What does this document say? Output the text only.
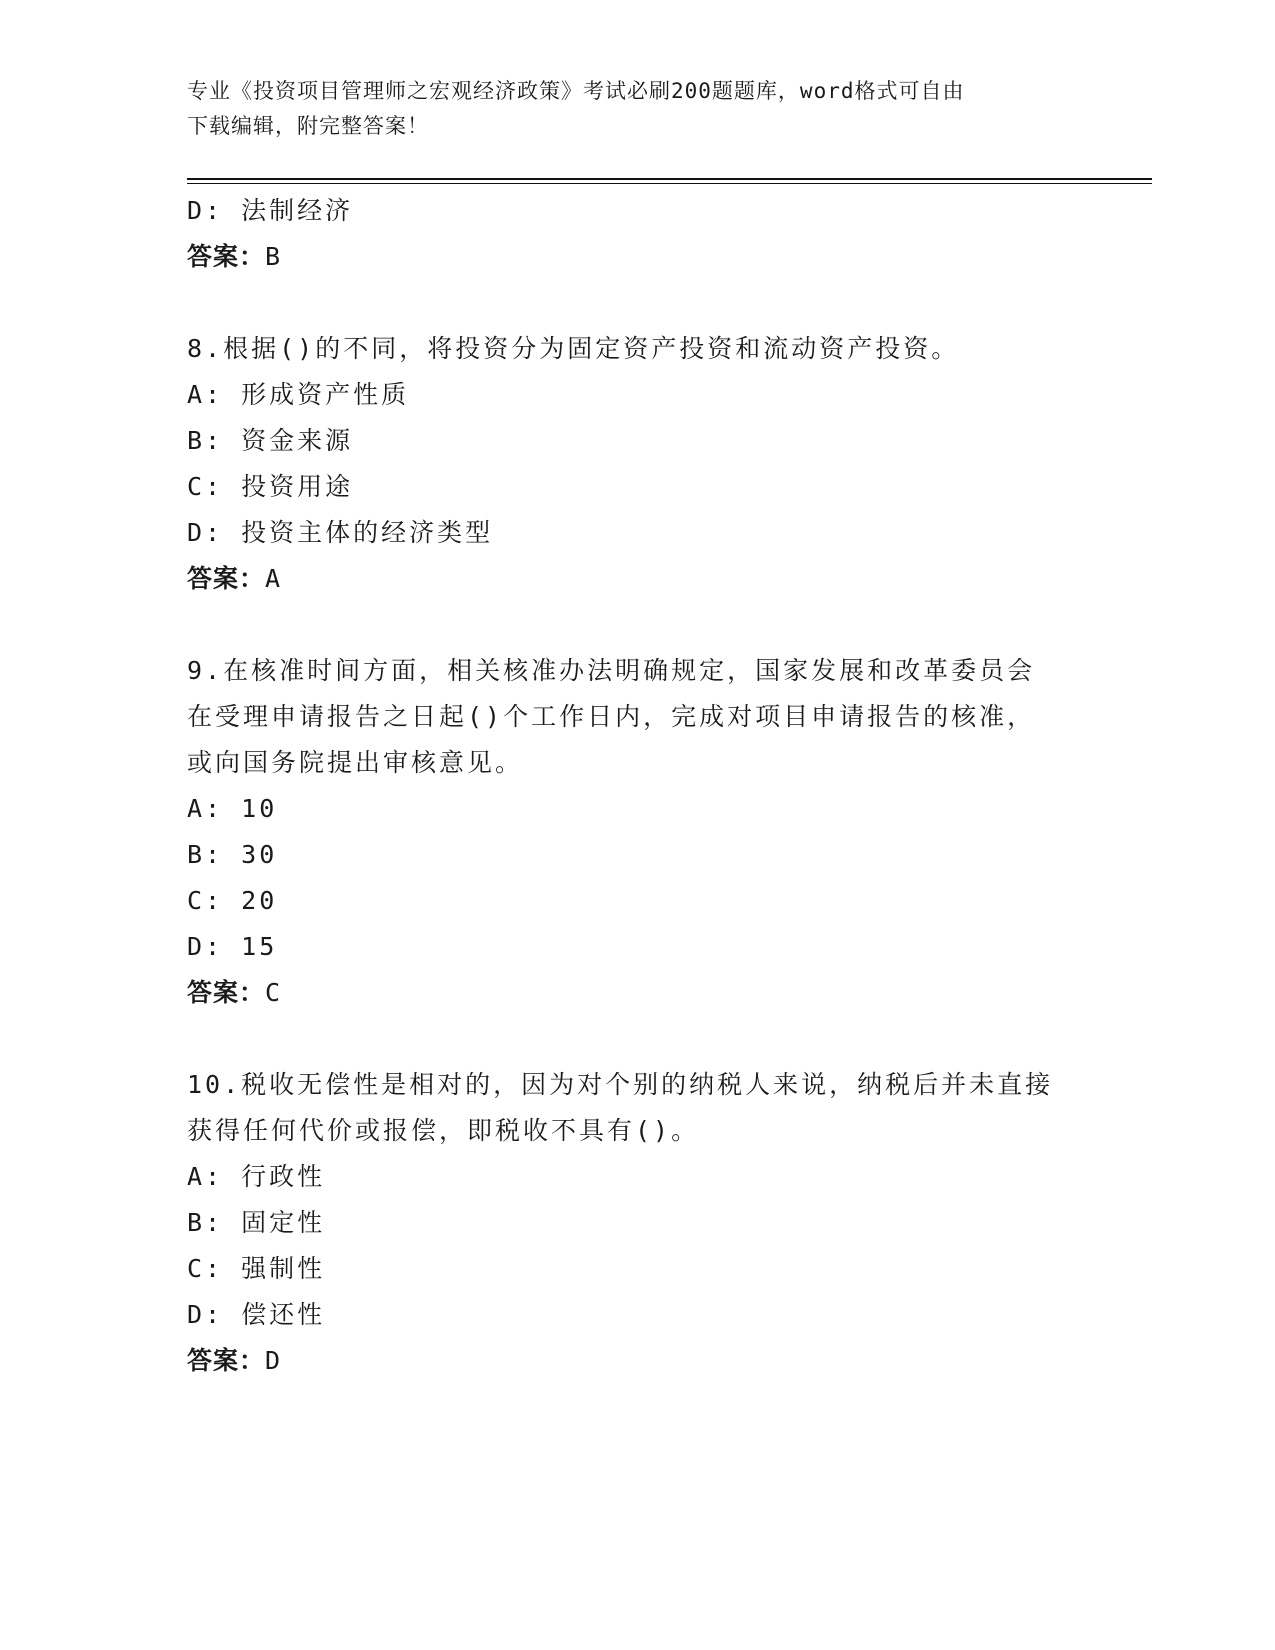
专业《投资项目管理师之宏观经济政策》考试必刷200题题库，word格式可自由
下载编辑，附完整答案！
D: 法制经济
答案：B
8.根据()的不同，将投资分为固定资产投资和流动资产投资。
A: 形成资产性质
B: 资金来源
C: 投资用途
D: 投资主体的经济类型
答案：A
9.在核准时间方面，相关核准办法明确规定，国家发展和改革委员会
在受理申请报告之日起()个工作日内，完成对项目申请报告的核准，
或向国务院提出审核意见。
A: 10
B: 30
C: 20
D: 15
答案：C
10.税收无偿性是相对的，因为对个别的纳税人来说，纳税后并未直接
获得任何代价或报偿，即税收不具有()。
A: 行政性
B: 固定性
C: 强制性
D: 偿还性
答案：D
